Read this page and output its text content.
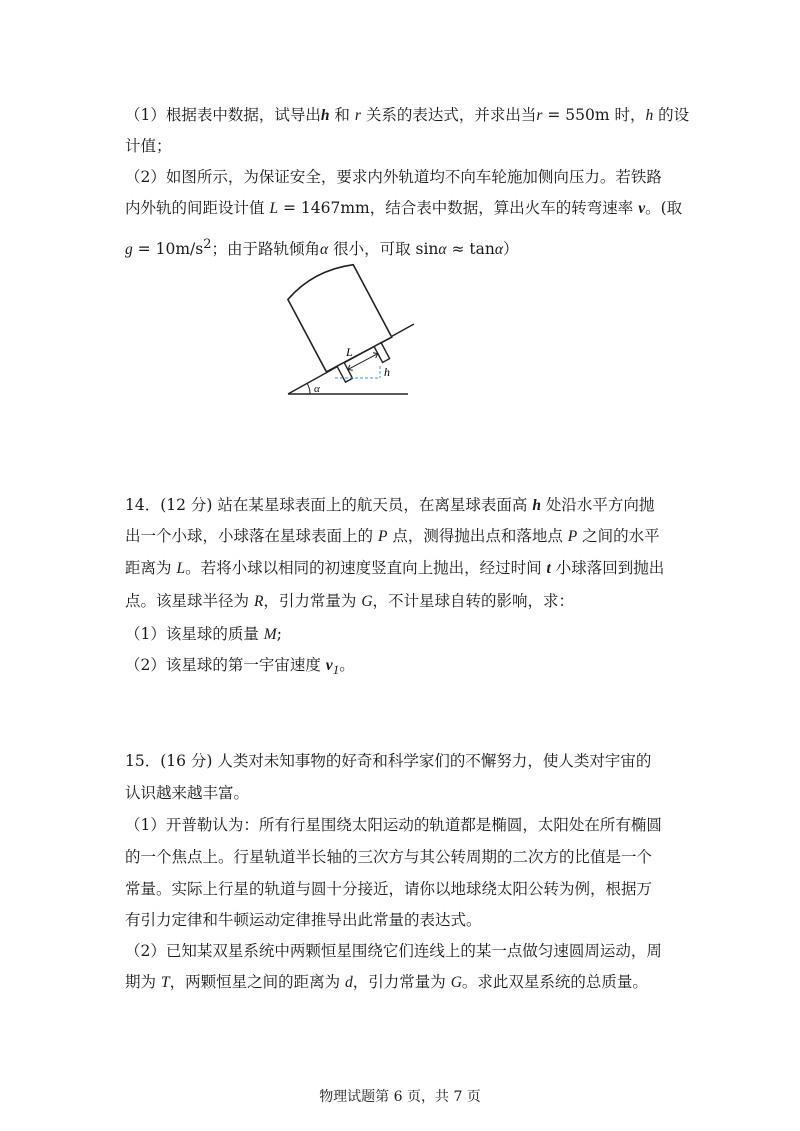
（1）根据表中数据，试导出h 和 r 关系的表达式，并求出当r = 550m 时，h 的设
计值；
（2）如图所示，为保证安全，要求内外轨道均不向车轮施加侧向压力。若铁路
内外轨的间距设计值 L = 1467mm，结合表中数据，算出火车的转弯速率 v。(取
$g = 10m/s^2$；由于路轨倾角α 很小，可取 sinα ≈ tanα）
L
h
α
14．(12 分) 站在某星球表面上的航天员，在离星球表面高 h 处沿水平方向抛
出一个小球，小球落在星球表面上的 P 点，测得抛出点和落地点 P 之间的水平
距离为 L。若将小球以相同的初速度竖直向上抛出，经过时间 t 小球落回到抛出
点。该星球半径为 R，引力常量为 G，不计星球自转的影响，求：
（1）该星球的质量 M;
（2）该星球的第一宇宙速度 $v_1$。
15．(16 分) 人类对未知事物的好奇和科学家们的不懈努力，使人类对宇宙的
认识越来越丰富。
（1）开普勒认为：所有行星围绕太阳运动的轨道都是椭圆，太阳处在所有椭圆
的一个焦点上。行星轨道半长轴的三次方与其公转周期的二次方的比值是一个
常量。实际上行星的轨道与圆十分接近，请你以地球绕太阳公转为例，根据万
有引力定律和牛顿运动定律推导出此常量的表达式。
（2）已知某双星系统中两颗恒星围绕它们连线上的某一点做匀速圆周运动，周
期为 T，两颗恒星之间的距离为 d，引力常量为 G。求此双星系统的总质量。
物理试题第 6 页，共 7 页
